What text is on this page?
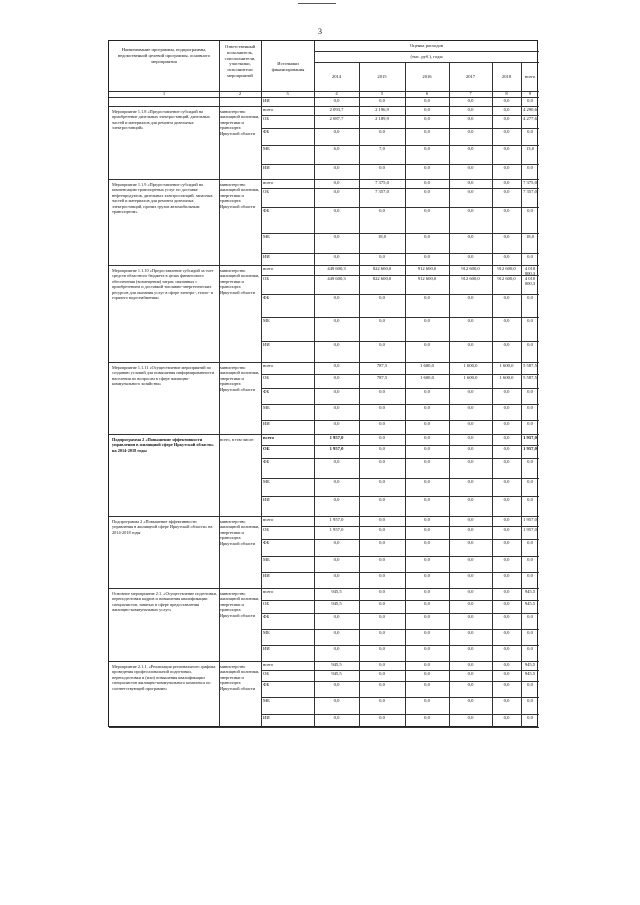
3
Наименование программы, подпрограммы, ведомственной целевой программы, основного мероприятия
Ответственный исполнитель, соисполнители, участники, исполнители мероприятий
Источники финансирования
Оценка расходов
(тыс. руб.), годы
2014	2015	2016	2017	2018	всего
1	2	3	4	5	6	7	8	9
ИИ	0,0	0,0	0,0	0,0	0,0	0,0
Мероприятие 1.1.8 «Предоставление субсидий на приобретение дизельных электростанций, дизельных частей и материалов для ремонта дизельных электростанций»
министерство жилищной политики, энергетики и транспорта Иркутской области
всего	2 093,7	2 196,9	0,0	0,0	0,0	4 290,6
ОБ	2 087,7	2 189,9	0,0	0,0	0,0	4 277,6
ФБ	0,0	0,0	0,0	0,0	0,0	0,0
МБ	6,0	7,0	0,0	0,0	0,0	13,0
ИИ	0,0	0,0	0,0	0,0	0,0	0,0
Мероприятие 1.1.9 «Предоставление субсидий на компенсацию транспортных услуг по доставке нефтепродуктов, дизельных электростанций, запасных частей и материалов для ремонта дизельных электростанций, прочих грузов автомобильным транспортом»
министерство жилищной политики, энергетики и транспорта Иркутской области
всего	0,0	7 375,0	0,0	0,0	0,0	7 375,0
ОБ	0,0	7 357,0	0,0	0,0	0,0	7 357,0
ФБ	0,0	0,0	0,0	0,0	0,0	0,0
МБ	0,0	18,0	0,0	0,0	0,0	18,0
ИИ	0,0	0,0	0,0	0,0	0,0	0,0
Мероприятие 1.1.10 «Предоставление субсидий за счет средств областного бюджета в целях финансового обеспечения (возмещения) затрат, связанных с приобретением и доставкой топливно-энергетических ресурсов для оказания услуг в сфере электро-, тепло- и горячего водоснабжения»
министерство жилищной политики, энергетики и транспорта Иркутской области
всего	449 600,3	822 600,0	912 600,0	912 600,0	912 600,0	4 010 000,3
ОБ	449 600,3	822 600,0	912 600,0	912 600,0	912 600,0	4 010 000,3
ФБ	0,0	0,0	0,0	0,0	0,0	0,0
МБ	0,0	0,0	0,0	0,0	0,0	0,0
ИИ	0,0	0,0	0,0	0,0	0,0	0,0
Мероприятие 1.1.11 «Осуществление мероприятий по созданию условий для повышения информированности населения по вопросам в сфере жилищно-коммунального хозяйства»
министерство жилищной политики, энергетики и транспорта Иркутской области
всего	0,0	787,5	1 600,0	1 600,0	1 600,0	5 587,5
ОБ	0,0	787,5	1 600,0	1 600,0	1 600,0	5 587,5
ФБ	0,0	0,0	0,0	0,0	0,0	0,0
МБ	0,0	0,0	0,0	0,0	0,0	0,0
ИИ	0,0	0,0	0,0	0,0	0,0	0,0
Подпрограмма 2 «Повышение эффективности управления в жилищной сфере Иркутской области» на 2014-2018 годы
всего, в том числе:	всего	1 957,0	0,0	0,0	0,0	0,0	1 957,0
ОБ	1 957,0	0,0	0,0	0,0	0,0	1 957,0
ФБ	0,0	0,0	0,0	0,0	0,0	0,0
МБ	0,0	0,0	0,0	0,0	0,0	0,0
ИИ	0,0	0,0	0,0	0,0	0,0	0,0
Подпрограмма 2 «Повышение эффективности управления в жилищной сфере Иркутской области» на 2014-2018 годы
министерство жилищной политики, энергетики и транспорта Иркутской области
всего	1 957,0	0,0	0,0	0,0	0,0	1 957,0
ОБ	1 957,0	0,0	0,0	0,0	0,0	1 957,0
ФБ	0,0	0,0	0,0	0,0	0,0	0,0
МБ	0,0	0,0	0,0	0,0	0,0	0,0
ИИ	0,0	0,0	0,0	0,0	0,0	0,0
Основное мероприятие 2.1. «Осуществление подготовки, переподготовки кадров и повышения квалификации специалистов, занятых в сфере предоставления жилищно-коммунальных услуг»
министерство жилищной политики, энергетики и транспорта Иркутской области
всего	945,5	0,0	0,0	0,0	0,0	945,5
ОБ	945,5	0,0	0,0	0,0	0,0	945,5
ФБ	0,0	0,0	0,0	0,0	0,0	0,0
МБ	0,0	0,0	0,0	0,0	0,0	0,0
ИИ	0,0	0,0	0,0	0,0	0,0	0,0
Мероприятие 2.1.1. «Реализация регионального графика проведения профессиональной подготовки, переподготовки и (или) повышения квалификации специалистов жилищно-коммунального комплекса по соответствующей программе»
министерство жилищной политики, энергетики и транспорта Иркутской области
всего	945,5	0,0	0,0	0,0	0,0	945,5
ОБ	945,5	0,0	0,0	0,0	0,0	945,5
ФБ	0,0	0,0	0,0	0,0	0,0	0,0
МБ	0,0	0,0	0,0	0,0	0,0	0,0
ИИ	0,0	0,0	0,0	0,0	0,0	0,0
